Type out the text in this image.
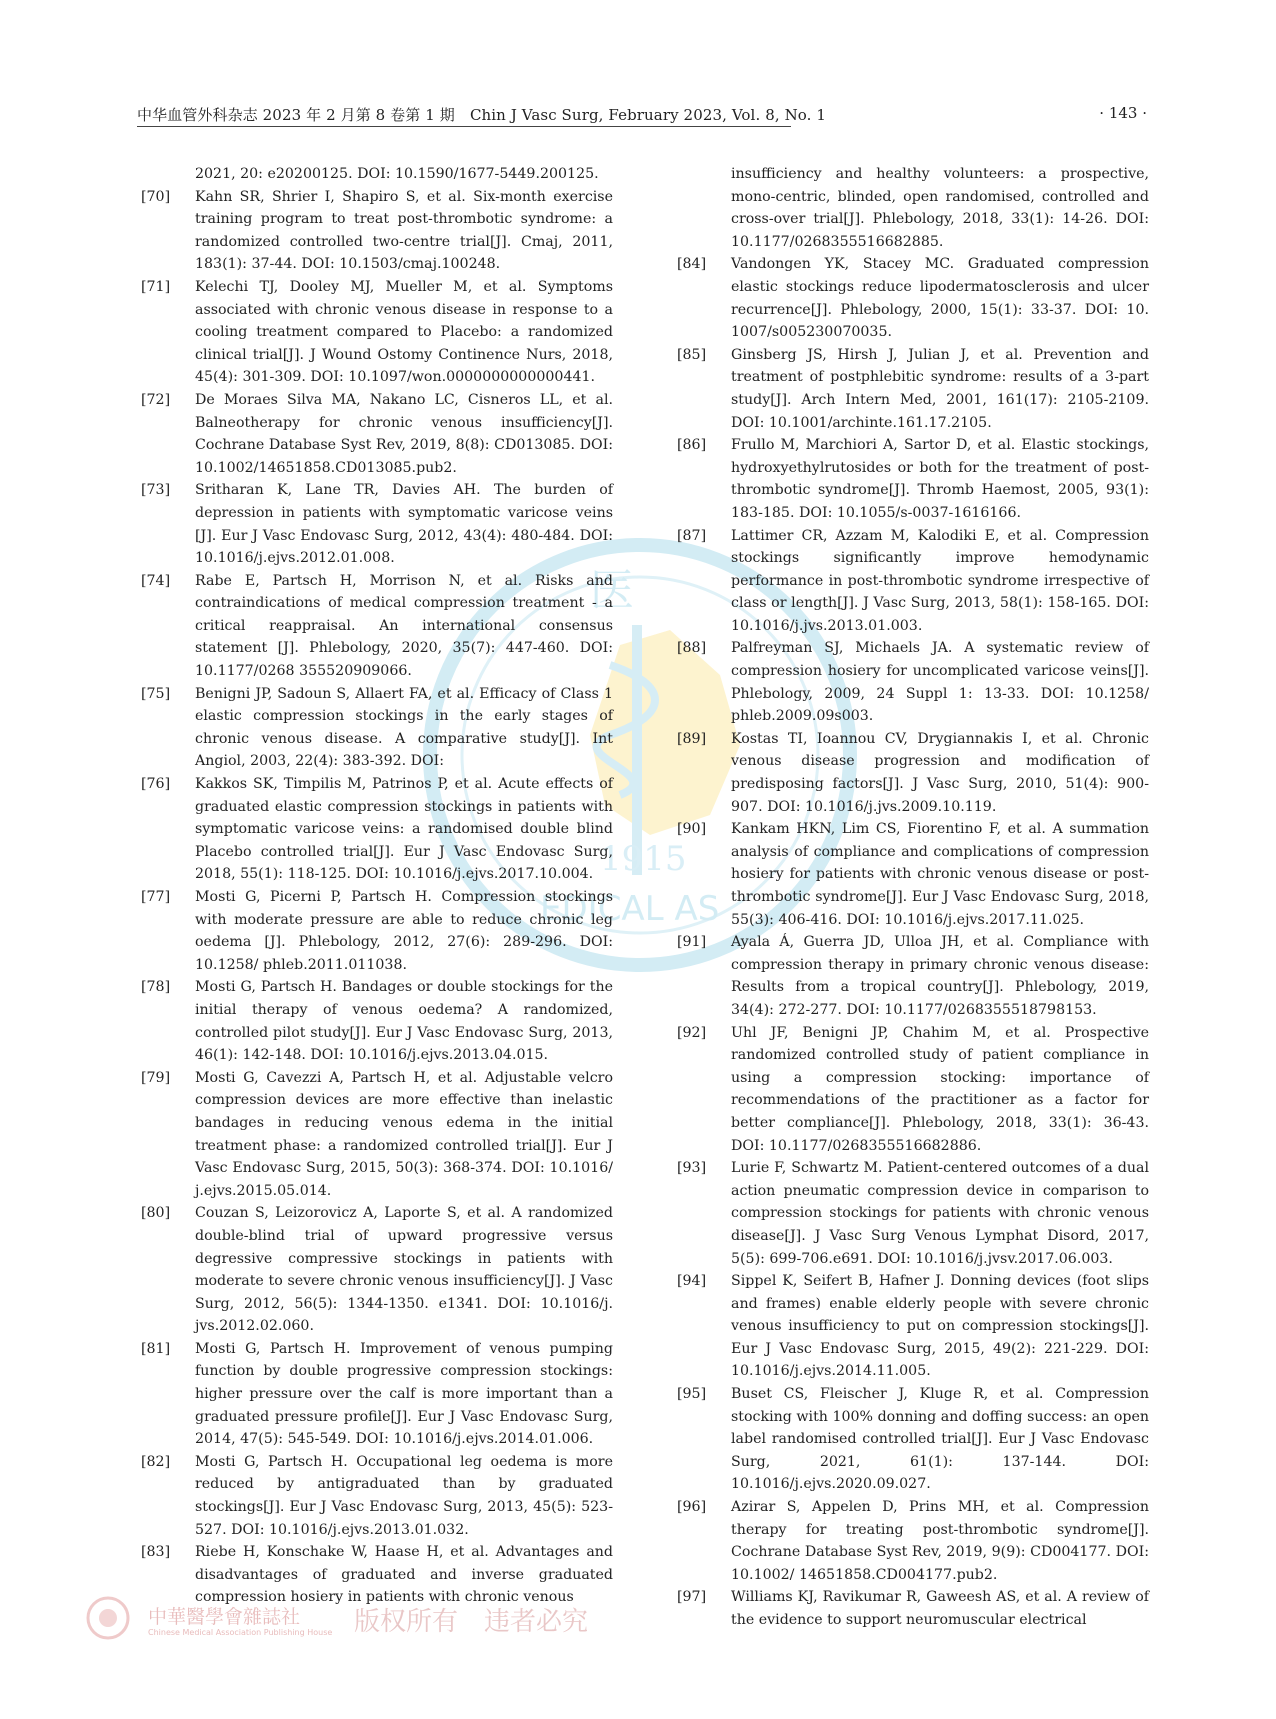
中华血管外科杂志 2023 年 2 月第 8 卷第 1 期　Chin J Vasc Surg, February 2023, Vol. 8, No. 1	· 143 ·
医
1915
EDICAL AS
2021, 20: e20200125. DOI: 10.1590/1677-5449.200125.
[70]	Kahn SR, Shrier I, Shapiro S, et al. Six-month exercise training program to treat post-thrombotic syndrome: a randomized controlled two-centre trial[J]. Cmaj, 2011, 183(1): 37-44. DOI: 10.1503/cmaj.100248.
[71]	Kelechi TJ, Dooley MJ, Mueller M, et al. Symptoms associated with chronic venous disease in response to a cooling treatment compared to Placebo: a randomized clinical trial[J]. J Wound Ostomy Continence Nurs, 2018, 45(4): 301-309. DOI: 10.1097/won.0000000000000441.
[72]	De Moraes Silva MA, Nakano LC, Cisneros LL, et al. Balneotherapy for chronic venous insufficiency[J]. Cochrane Database Syst Rev, 2019, 8(8): CD013085. DOI: 10.1002/14651858.CD013085.pub2.
[73]	Sritharan K, Lane TR, Davies AH. The burden of depression in patients with symptomatic varicose veins [J]. Eur J Vasc Endovasc Surg, 2012, 43(4): 480-484. DOI: 10.1016/j.ejvs.2012.01.008.
[74]	Rabe E, Partsch H, Morrison N, et al. Risks and contraindications of medical compression treatment - a critical reappraisal. An international consensus statement [J]. Phlebology, 2020, 35(7): 447-460. DOI: 10.1177/0268 355520909066.
[75]	Benigni JP, Sadoun S, Allaert FA, et al. Efficacy of Class 1 elastic compression stockings in the early stages of chronic venous disease. A comparative study[J]. Int Angiol, 2003, 22(4): 383-392. DOI:
[76]	Kakkos SK, Timpilis M, Patrinos P, et al. Acute effects of graduated elastic compression stockings in patients with symptomatic varicose veins: a randomised double blind Placebo controlled trial[J]. Eur J Vasc Endovasc Surg, 2018, 55(1): 118-125. DOI: 10.1016/j.ejvs.2017.10.004.
[77]	Mosti G, Picerni P, Partsch H. Compression stockings with moderate pressure are able to reduce chronic leg oedema [J]. Phlebology, 2012, 27(6): 289-296. DOI: 10.1258/ phleb.2011.011038.
[78]	Mosti G, Partsch H. Bandages or double stockings for the initial therapy of venous oedema? A randomized, controlled pilot study[J]. Eur J Vasc Endovasc Surg, 2013, 46(1): 142-148. DOI: 10.1016/j.ejvs.2013.04.015.
[79]	Mosti G, Cavezzi A, Partsch H, et al. Adjustable velcro compression devices are more effective than inelastic bandages in reducing venous edema in the initial treatment phase: a randomized controlled trial[J]. Eur J Vasc Endovasc Surg, 2015, 50(3): 368-374. DOI: 10.1016/ j.ejvs.2015.05.014.
[80]	Couzan S, Leizorovicz A, Laporte S, et al. A randomized double-blind trial of upward progressive versus degressive compressive stockings in patients with moderate to severe chronic venous insufficiency[J]. J Vasc Surg, 2012, 56(5): 1344-1350. e1341. DOI: 10.1016/j. jvs.2012.02.060.
[81]	Mosti G, Partsch H. Improvement of venous pumping function by double progressive compression stockings: higher pressure over the calf is more important than a graduated pressure profile[J]. Eur J Vasc Endovasc Surg, 2014, 47(5): 545-549. DOI: 10.1016/j.ejvs.2014.01.006.
[82]	Mosti G, Partsch H. Occupational leg oedema is more reduced by antigraduated than by graduated stockings[J]. Eur J Vasc Endovasc Surg, 2013, 45(5): 523-527. DOI: 10.1016/j.ejvs.2013.01.032.
[83]	Riebe H, Konschake W, Haase H, et al. Advantages and disadvantages of graduated and inverse graduated compression hosiery in patients with chronic venous
insufficiency and healthy volunteers: a prospective, mono-centric, blinded, open randomised, controlled and cross-over trial[J]. Phlebology, 2018, 33(1): 14-26. DOI: 10.1177/0268355516682885.
[84]	Vandongen YK, Stacey MC. Graduated compression elastic stockings reduce lipodermatosclerosis and ulcer recurrence[J]. Phlebology, 2000, 15(1): 33-37. DOI: 10. 1007/s005230070035.
[85]	Ginsberg JS, Hirsh J, Julian J, et al. Prevention and treatment of postphlebitic syndrome: results of a 3-part study[J]. Arch Intern Med, 2001, 161(17): 2105-2109. DOI: 10.1001/archinte.161.17.2105.
[86]	Frullo M, Marchiori A, Sartor D, et al. Elastic stockings, hydroxyethylrutosides or both for the treatment of post-thrombotic syndrome[J]. Thromb Haemost, 2005, 93(1): 183-185. DOI: 10.1055/s-0037-1616166.
[87]	Lattimer CR, Azzam M, Kalodiki E, et al. Compression stockings significantly improve hemodynamic performance in post-thrombotic syndrome irrespective of class or length[J]. J Vasc Surg, 2013, 58(1): 158-165. DOI: 10.1016/j.jvs.2013.01.003.
[88]	Palfreyman SJ, Michaels JA. A systematic review of compression hosiery for uncomplicated varicose veins[J]. Phlebology, 2009, 24 Suppl 1: 13-33. DOI: 10.1258/ phleb.2009.09s003.
[89]	Kostas TI, Ioannou CV, Drygiannakis I, et al. Chronic venous disease progression and modification of predisposing factors[J]. J Vasc Surg, 2010, 51(4): 900-907. DOI: 10.1016/j.jvs.2009.10.119.
[90]	Kankam HKN, Lim CS, Fiorentino F, et al. A summation analysis of compliance and complications of compression hosiery for patients with chronic venous disease or post-thrombotic syndrome[J]. Eur J Vasc Endovasc Surg, 2018, 55(3): 406-416. DOI: 10.1016/j.ejvs.2017.11.025.
[91]	Ayala Á, Guerra JD, Ulloa JH, et al. Compliance with compression therapy in primary chronic venous disease: Results from a tropical country[J]. Phlebology, 2019, 34(4): 272-277. DOI: 10.1177/0268355518798153.
[92]	Uhl JF, Benigni JP, Chahim M, et al. Prospective randomized controlled study of patient compliance in using a compression stocking: importance of recommendations of the practitioner as a factor for better compliance[J]. Phlebology, 2018, 33(1): 36-43. DOI: 10.1177/0268355516682886.
[93]	Lurie F, Schwartz M. Patient-centered outcomes of a dual action pneumatic compression device in comparison to compression stockings for patients with chronic venous disease[J]. J Vasc Surg Venous Lymphat Disord, 2017, 5(5): 699-706.e691. DOI: 10.1016/j.jvsv.2017.06.003.
[94]	Sippel K, Seifert B, Hafner J. Donning devices (foot slips and frames) enable elderly people with severe chronic venous insufficiency to put on compression stockings[J]. Eur J Vasc Endovasc Surg, 2015, 49(2): 221-229. DOI: 10.1016/j.ejvs.2014.11.005.
[95]	Buset CS, Fleischer J, Kluge R, et al. Compression stocking with 100% donning and doffing success: an open label randomised controlled trial[J]. Eur J Vasc Endovasc Surg, 2021, 61(1): 137-144. DOI: 10.1016/j.ejvs.2020.09.027.
[96]	Azirar S, Appelen D, Prins MH, et al. Compression therapy for treating post-thrombotic syndrome[J]. Cochrane Database Syst Rev, 2019, 9(9): CD004177. DOI: 10.1002/ 14651858.CD004177.pub2.
[97]	Williams KJ, Ravikumar R, Gaweesh AS, et al. A review of the evidence to support neuromuscular electrical
中華醫學會雜誌社
Chinese Medical Association Publishing House 版权所有　违者必究
